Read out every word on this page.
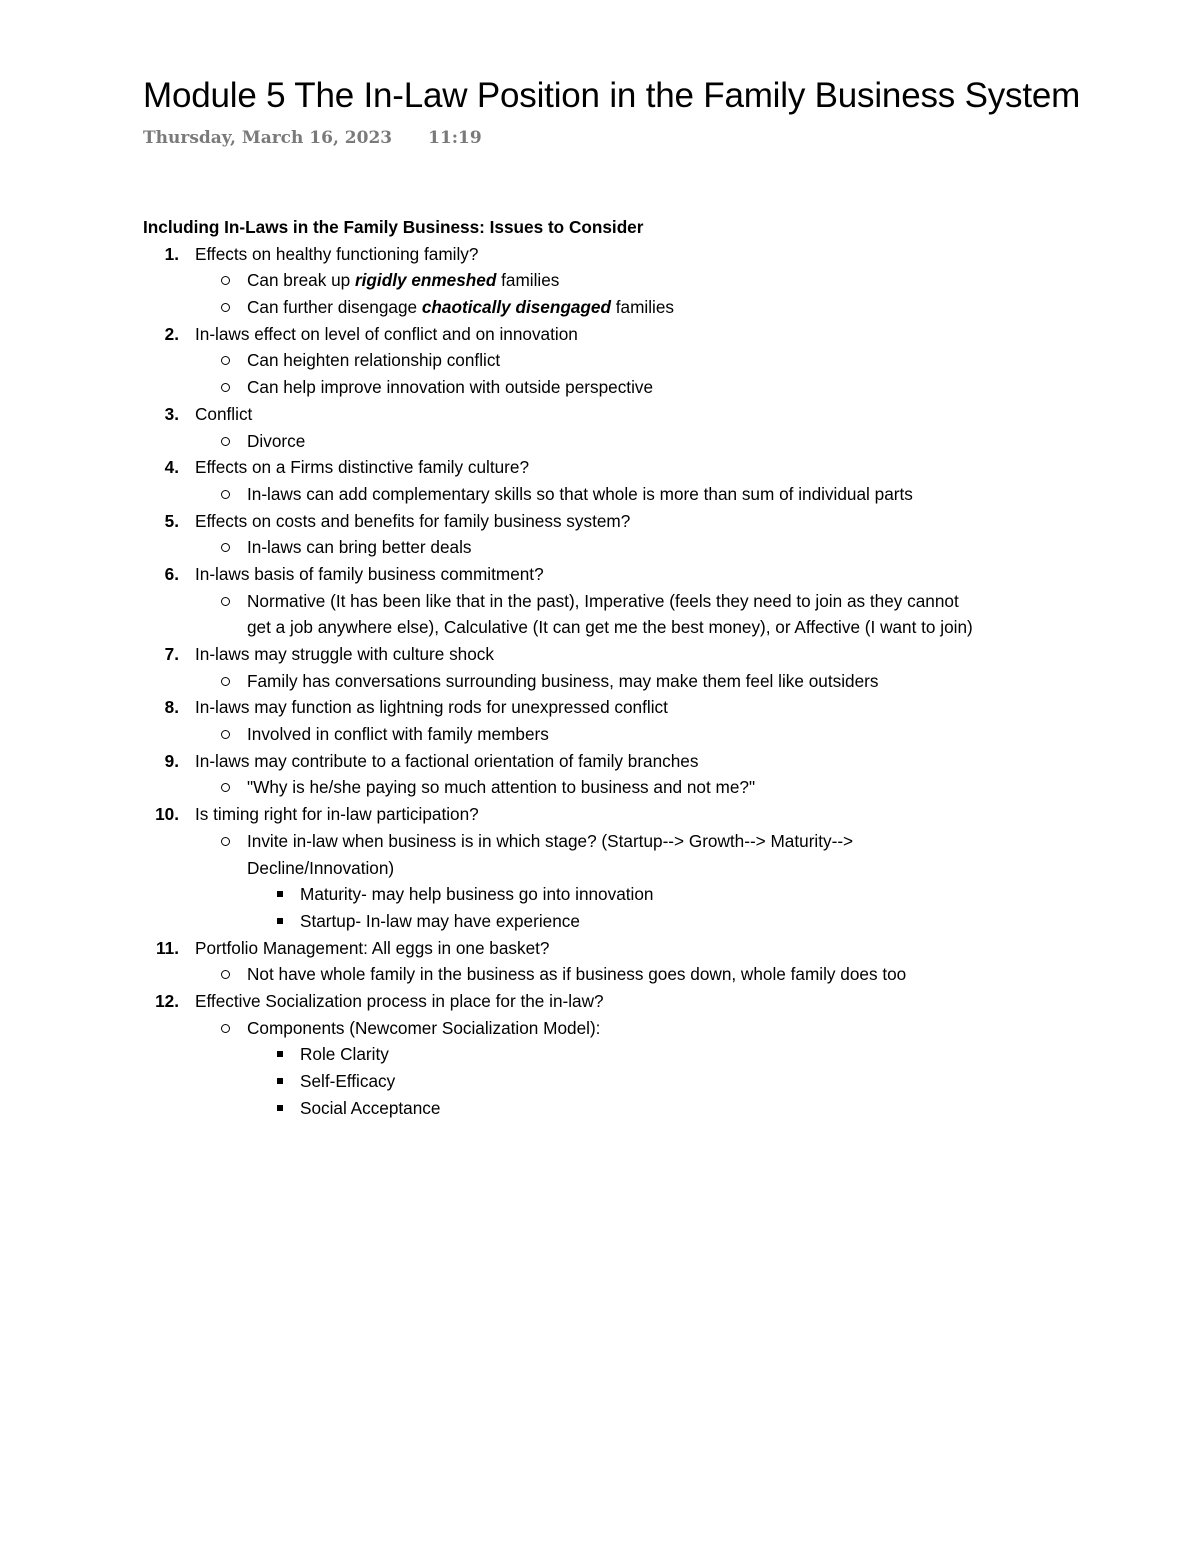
Module 5 The In-Law Position in the Family Business System
Thursday, March 16, 2023 11:19
Including In-Laws in the Family Business: Issues to Consider
1. Effects on healthy functioning family?
Can break up rigidly enmeshed families
Can further disengage chaotically disengaged families
2. In-laws effect on level of conflict and on innovation
Can heighten relationship conflict
Can help improve innovation with outside perspective
3. Conflict
Divorce
4. Effects on a Firms distinctive family culture?
In-laws can add complementary skills so that whole is more than sum of individual parts
5. Effects on costs and benefits for family business system?
In-laws can bring better deals
6. In-laws basis of family business commitment?
Normative (It has been like that in the past), Imperative (feels they need to join as they cannot
get a job anywhere else), Calculative (It can get me the best money), or Affective (I want to join)
7. In-laws may struggle with culture shock
Family has conversations surrounding business, may make them feel like outsiders
8. In-laws may function as lightning rods for unexpressed conflict
Involved in conflict with family members
9. In-laws may contribute to a factional orientation of family branches
"Why is he/she paying so much attention to business and not me?"
10. Is timing right for in-law participation?
Invite in-law when business is in which stage? (Startup--> Growth--> Maturity-->
Decline/Innovation)
Maturity- may help business go into innovation
Startup- In-law may have experience
11. Portfolio Management: All eggs in one basket?
Not have whole family in the business as if business goes down, whole family does too
12. Effective Socialization process in place for the in-law?
Components (Newcomer Socialization Model):
Role Clarity
Self-Efficacy
Social Acceptance
